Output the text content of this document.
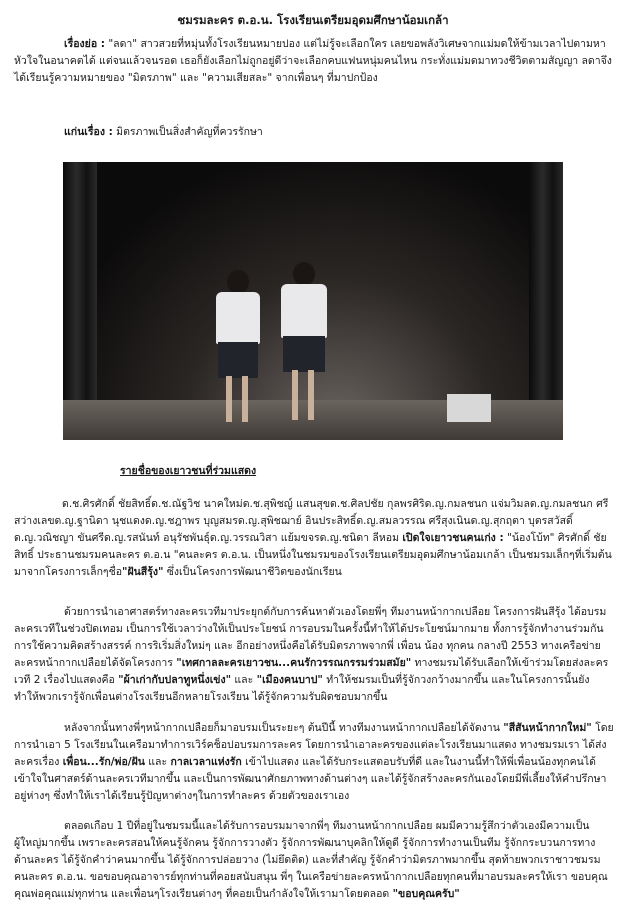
ชมรมละคร ต.อ.น. โรงเรียนเตรียมอุดมศึกษาน้อมเกล้า
เรื่องย่อ : "ลดา" สาวสวยที่หมุ่นทั้งโรงเรียนหมายปอง แต่ไม่รู้จะเลือกใคร เลยขอพลังวิเศษจากแม่มดให้ข้ามเวลาไปตามหาหัวใจในอนาคตได้ แต่จนแล้วจนรอด เธอก็ยังเลือกไม่ถูกอยู่ดีว่าจะเลือกคบแฟนหนุ่มคนไหน กระทั่งแม่มดมาทวงชีวิตตามสัญญา ลดาจึงได้เรียนรู้ความหมายของ "มิตรภาพ" และ "ความเสียสละ" จากเพื่อนๆ ที่มาปกป้อง
แก่นเรื่อง : มิตรภาพเป็นสิ่งสำคัญที่ควรรักษา
รายชื่อของเยาวชนที่ร่วมแสดง
ด.ช.ศิรศักดิ์ ชัยสิทธิ์ด.ช.ณัฐวิช นาคใหม่ด.ช.สุพิชญ์ แสนสุขด.ช.ศิลปชัย กุลพรศิริด.ญ.กมลชนก แจ่มวิมลด.ญ.กมลชนก ศรีสว่างเลขด.ญ.ฐานิดา นุชแดงด.ญ.ชฎาพร บุญสมรด.ญ.สุพิชฌาย์ อินประสิทธิ์ด.ญ.สมลวรรณ ศรีสุงเนินด.ญ.สุกฤตา บุตรสวัสดิ์ด.ญ.วณิชญา ขันศรีด.ญ.รสนันท์ อนุรัชพันธุ์ด.ญ.วรรณวิสา แย้มขจรด.ญ.ชนิดา ลีหอม เปิดใจเยาวชนคนเก่ง : "น้องโบ้ท" ศิรศักดิ์ ชัยสิทธิ์ ประธานชมรมคนละคร ต.อ.น "คนละคร ต.อ.น. เป็นหนึ่งในชมรมของโรงเรียนเตรียมอุดมศึกษาน้อมเกล้า เป็นชมรมเล็กๆที่เริ่มต้นมาจากโครงการเล็กๆชื่อ"ฝันสีรุ้ง" ซึ่งเป็นโครงการพัฒนาชีวิตของนักเรียน
ด้วยการนำเอาศาสตร์ทางละครเวทีมาประยุกต์กับการค้นหาตัวเองโดยพี่ๆ ทีมงานหน้ากากเปลือย โครงการฝันสีรุ้ง ได้อบรมละครเวทีในช่วงปิดเทอม เป็นการใช้เวลาว่างให้เป็นประโยชน์ การอบรมในครั้งนี้ทำให้ได้ประโยชน์มากมาย ทั้งการรู้จักทำงานร่วมกัน การใช้ความคิดสร้างสรรค์ การริเริ่มสิ่งใหม่ๆ และ อีกอย่างหนึ่งคือได้รับมิตรภาพจากพี่ เพื่อน น้อง ทุกคน กลางปี 2553 ทางเครือข่ายละครหน้ากากเปลือยได้จัดโครงการ "เทศกาลละครเยาวชน...คนรักวรรณกรรมร่วมสมัย" ทางชมรมได้รับเลือกให้เข้าร่วมโดยส่งละครเวที 2 เรื่องไปแสดงคือ "ผ้าเก่ากับปลาทูหนึ่งเข่ง" และ "เมืองคนบาป" ทำให้ชมรมเป็นที่รู้จักวงกว้างมากขึ้น และในโครงการนั้นยังทำให้พวกเรารู้จักเพื่อนต่างโรงเรียนอีกหลายโรงเรียน ได้รู้จักความรับผิดชอบมากขึ้น
หลังจากนั้นทางพี่ๆหน้ากากเปลือยก็มาอบรมเป็นระยะๆ ต้นปีนี้ ทางทีมงานหน้ากากเปลือยได้จัดงาน "สีสันหน้ากากใหม่" โดยการนำเอา 5 โรงเรียนในเครือมาทำการเวิร์คช็อปอบรมการละคร โดยการนำเอาละครของแต่ละโรงเรียนมาแสดง ทางชมรมเรา ได้ส่งละครเรื่อง เพื่อน...รัก/พ่อ/ฝัน และ กาลเวลาแห่งรัก เข้าไปแสดง และได้รับกระแสตอบรับที่ดี และในงานนี้ทำให้พี่เพื่อนน้องทุกคนได้เข้าใจในศาสตร์ด้านละครเวทีมากขึ้น และเป็นการพัฒนาศักยภาพทางด้านต่างๆ และได้รู้จักสร้างละครกันเองโดยมีพี่เลี้ยงให้คำปรึกษาอยู่ห่างๆ ซึ่งทำให้เราได้เรียนรู้ปัญหาต่างๆในการทำละคร ด้วยตัวของเราเอง
ตลอดเกือบ 1 ปีที่อยู่ในชมรมนี้และได้รับการอบรมมาจากพี่ๆ ทีมงานหน้ากากเปลือย ผมมีความรู้สึกว่าตัวเองมีความเป็นผู้ใหญ่มากขึ้น เพราะละครสอนให้คนรู้จักคน รู้จักการวางตัว รู้จักการพัฒนาบุคลิกให้ดูดี รู้จักการทำงานเป็นทีม รู้จักกระบวนการทางด้านละคร ได้รู้จักคำว่าคนมากขึ้น ได้รู้จักการปล่อยวาง (ไม่ยึดติด) และที่สำคัญ รู้จักคำว่ามิตรภาพมากขึ้น สุดท้ายพวกเราชาวชมรมคนละคร ต.อ.น. ขอขอบคุณอาจารย์ทุกท่านที่คอยสนับสนุน พี่ๆ ในเครือข่ายละครหน้ากากเปลือยทุกคนที่มาอบรมละครให้เรา ขอบคุณคุณพ่อคุณแม่ทุกท่าน และเพื่อนๆโรงเรียนต่างๆ ที่คอยเป็นกำลังใจให้เรามาโดยตลอด "ขอบคุณครับ"
